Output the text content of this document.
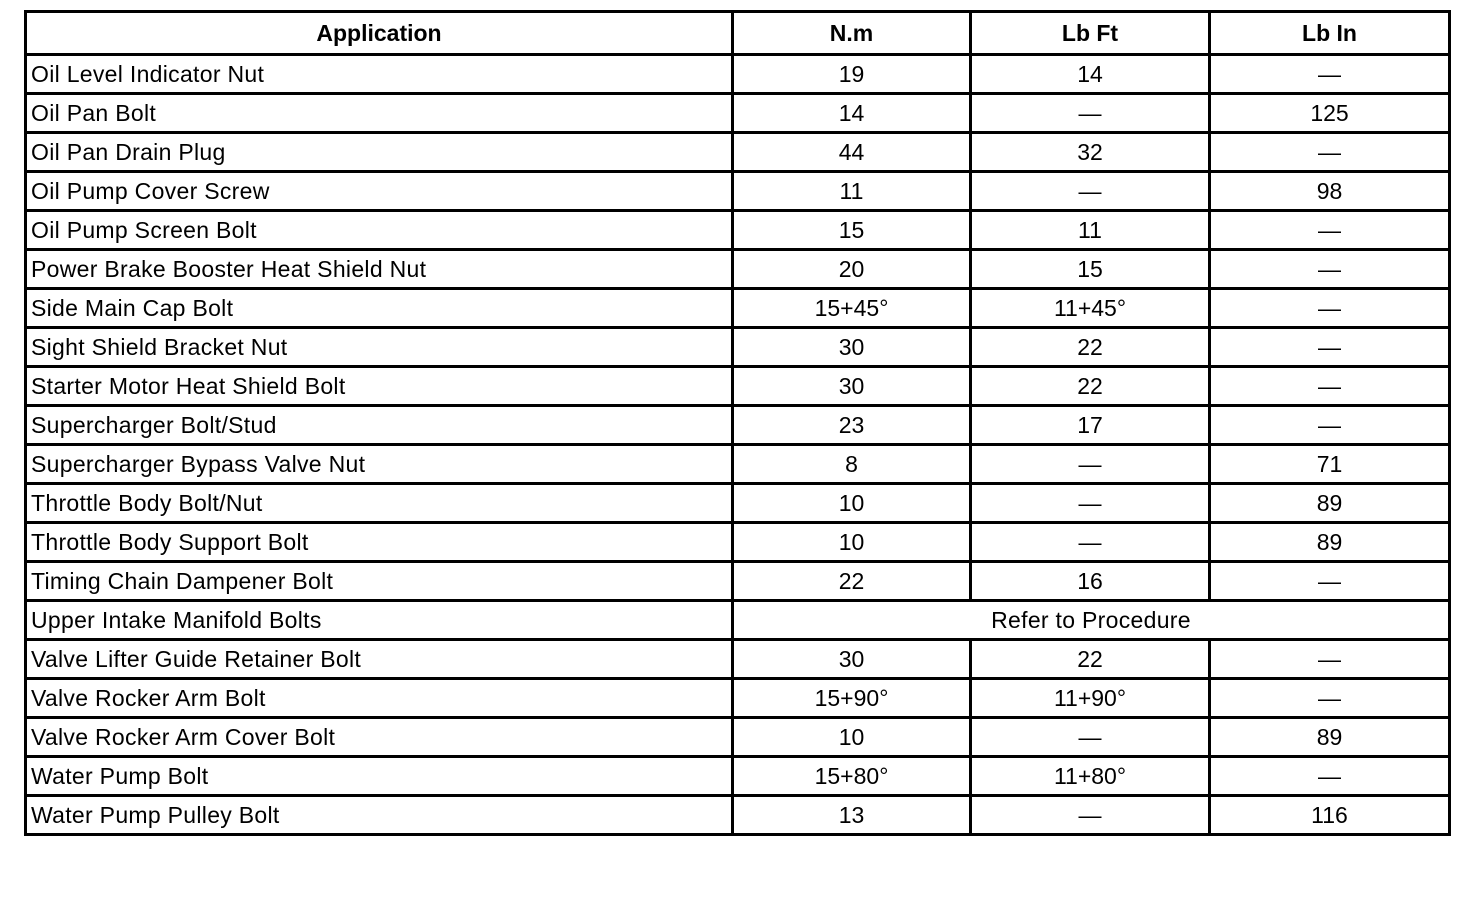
Application	N.m	Lb Ft	Lb In
Oil Level Indicator Nut	19	14	—
Oil Pan Bolt	14	—	125
Oil Pan Drain Plug	44	32	—
Oil Pump Cover Screw	11	—	98
Oil Pump Screen Bolt	15	11	—
Power Brake Booster Heat Shield Nut	20	15	—
Side Main Cap Bolt	15+45°	11+45°	—
Sight Shield Bracket Nut	30	22	—
Starter Motor Heat Shield Bolt	30	22	—
Supercharger Bolt/Stud	23	17	—
Supercharger Bypass Valve Nut	8	—	71
Throttle Body Bolt/Nut	10	—	89
Throttle Body Support Bolt	10	—	89
Timing Chain Dampener Bolt	22	16	—
Upper Intake Manifold Bolts	Refer to Procedure		
Valve Lifter Guide Retainer Bolt	30	22	—
Valve Rocker Arm Bolt	15+90°	11+90°	—
Valve Rocker Arm Cover Bolt	10	—	89
Water Pump Bolt	15+80°	11+80°	—
Water Pump Pulley Bolt	13	—	116
